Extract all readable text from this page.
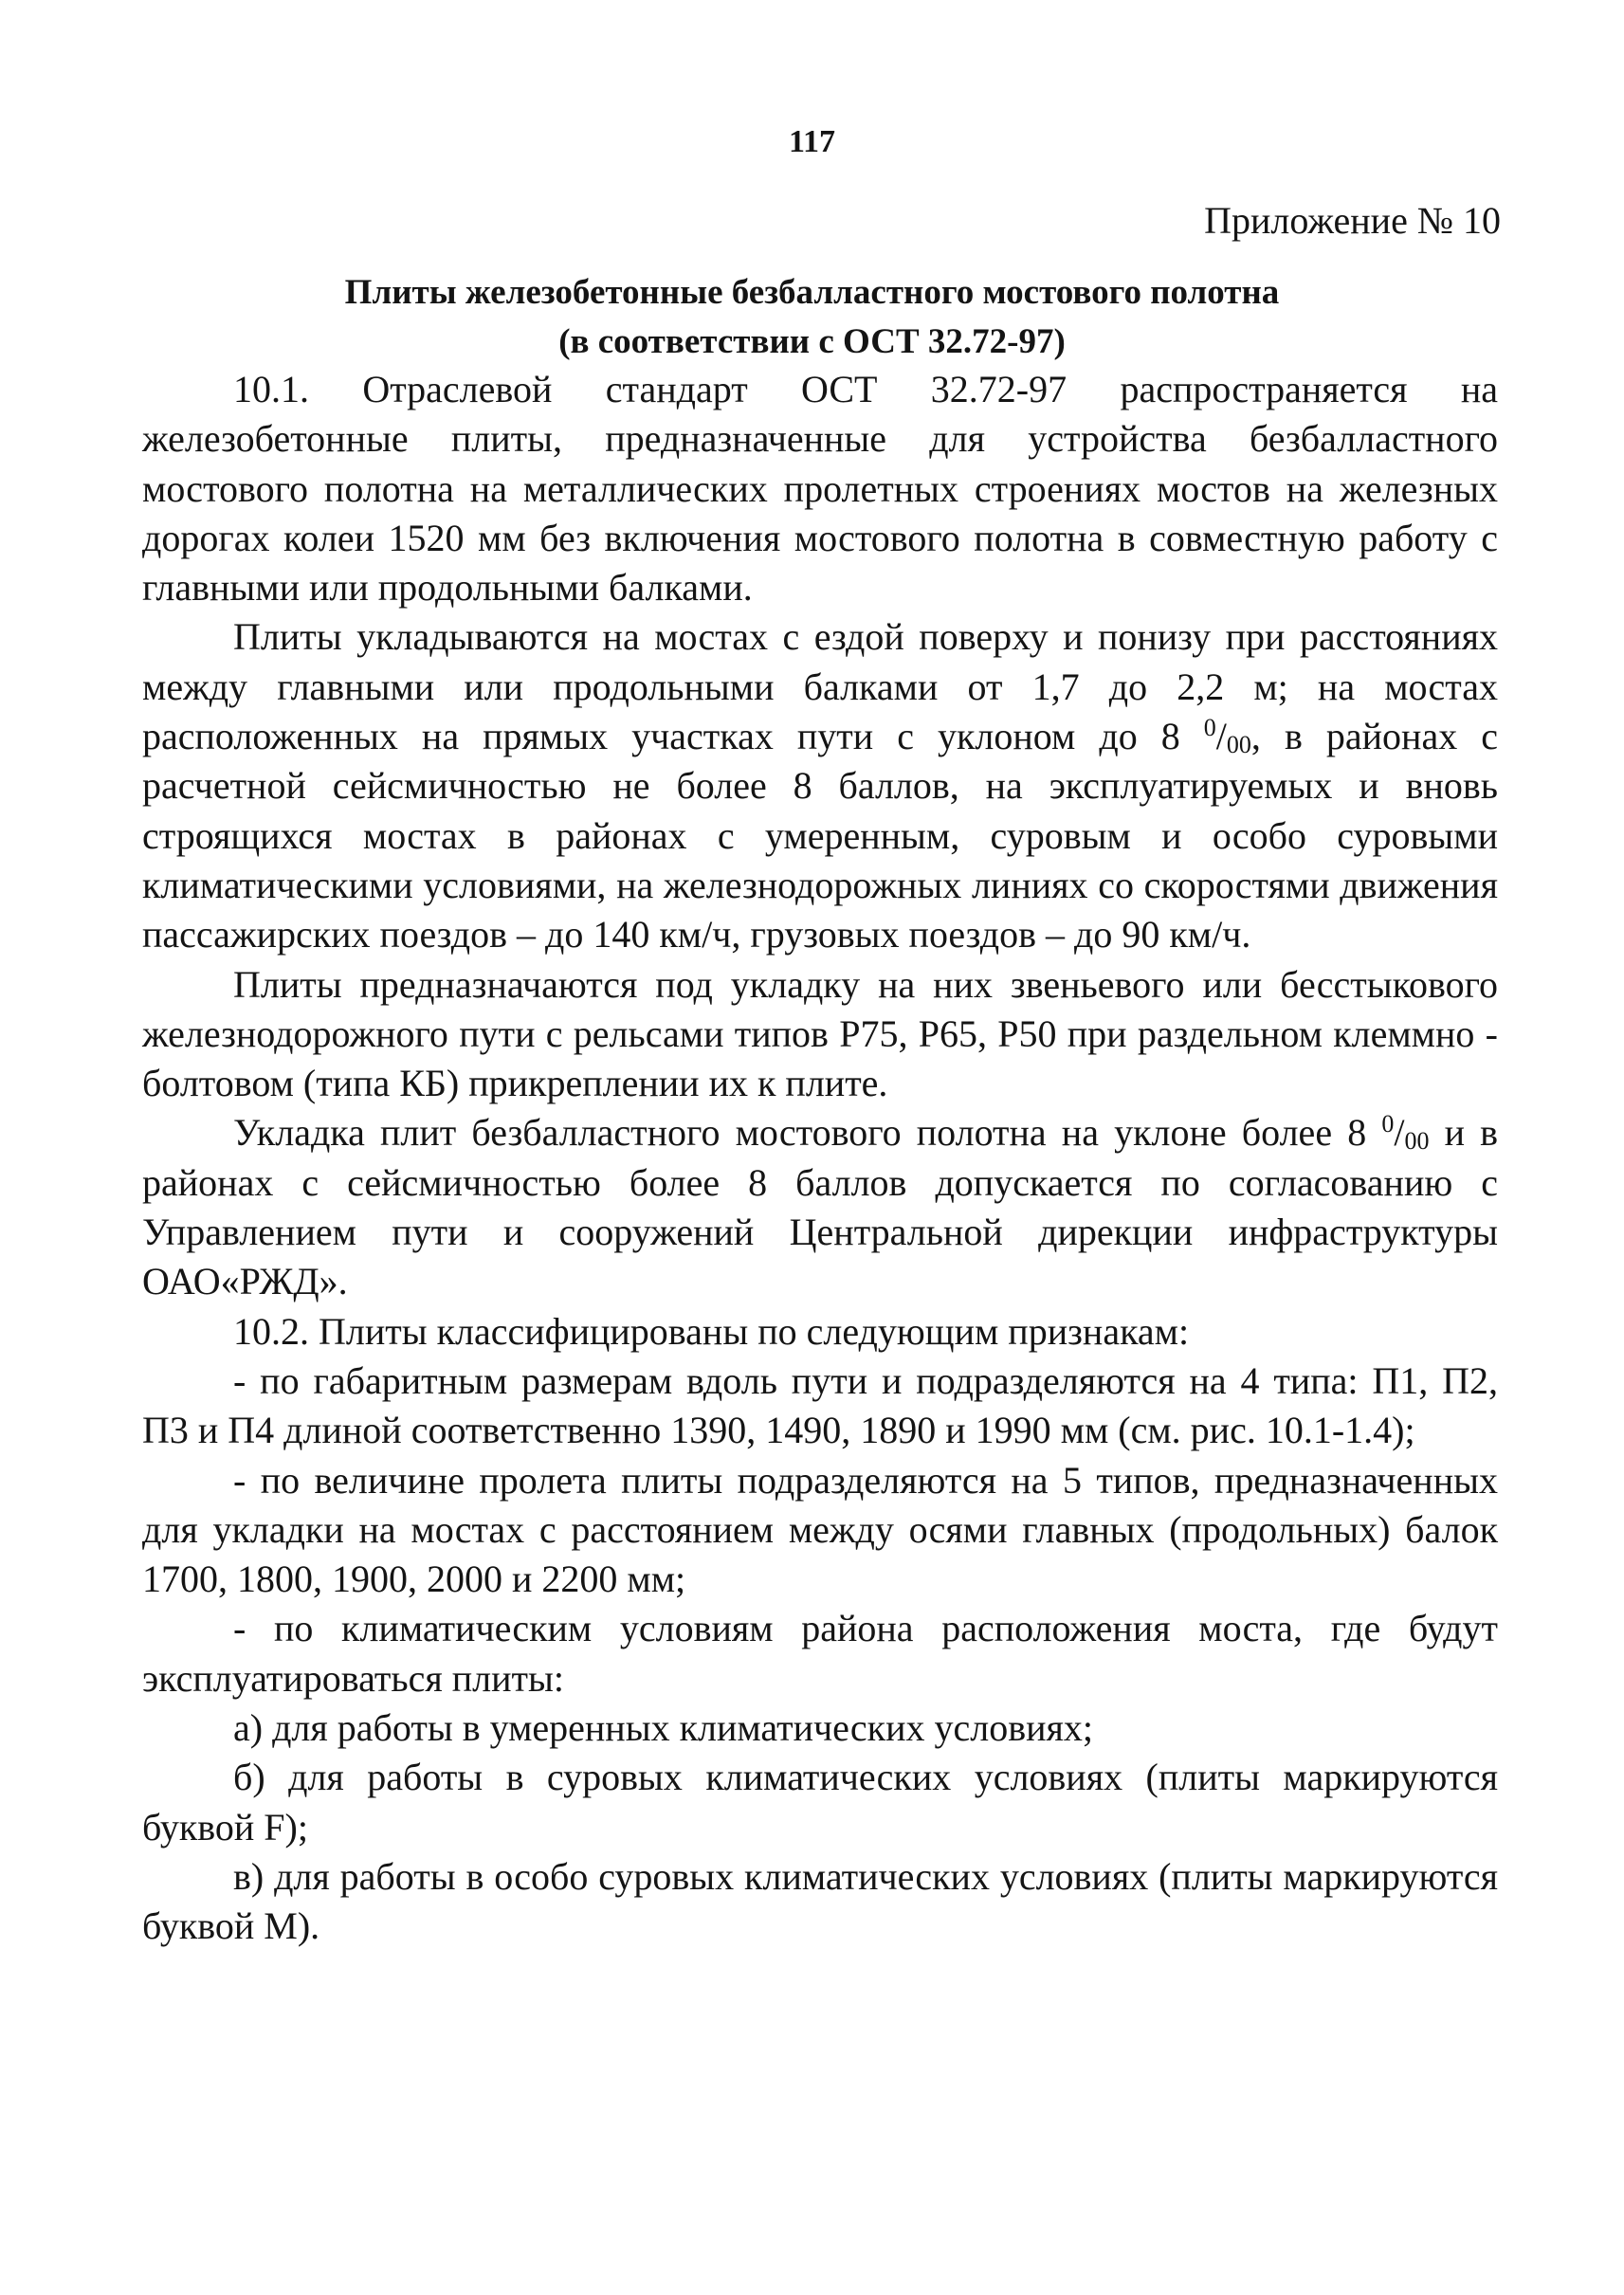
117
Приложение № 10
Плиты железобетонные безбалластного мостового полотна
(в соответствии с ОСТ 32.72-97)

10.1. Отраслевой стандарт ОСТ 32.72-97 распространяется на железобетонные плиты, предназначенные для устройства безбалластного мостового полотна на металлических пролетных строениях мостов на железных дорогах колеи 1520 мм без включения мостового полотна в совместную работу с главными или продольными балками.

Плиты укладываются на мостах с ездой поверху и понизу при расстояниях между главными или продольными балками от 1,7 до 2,2 м; на мостах расположенных на прямых участках пути с уклоном до 8 $^0/_{00}$, в районах с расчетной сейсмичностью не более 8 баллов, на эксплуатируемых и вновь строящихся мостах в районах с умеренным, суровым и особо суровыми климатическими условиями, на железнодорожных линиях со скоростями движения пассажирских поездов – до 140 км/ч, грузовых поездов – до 90 км/ч.

Плиты предназначаются под укладку на них звеньевого или бесстыкового железнодорожного пути с рельсами типов Р75, Р65, Р50 при раздельном клеммно - болтовом (типа КБ) прикреплении их к плите.

Укладка плит безбалластного мостового полотна на уклоне более 8 $^0/_{00}$ и в районах с сейсмичностью более 8 баллов допускается по согласованию с Управлением пути и сооружений Центральной дирекции инфраструктуры ОАО«РЖД».

10.2. Плиты классифицированы по следующим признакам:

- по габаритным размерам вдоль пути и подразделяются на 4 типа: П1, П2, П3 и П4 длиной соответственно 1390, 1490, 1890 и 1990 мм (см. рис. 10.1-1.4);

- по величине пролета плиты подразделяются на 5 типов, предназначенных для укладки на мостах с расстоянием между осями главных (продольных) балок 1700, 1800, 1900, 2000 и 2200 мм;

- по климатическим условиям района расположения моста, где будут эксплуатироваться плиты:

а) для работы в умеренных климатических условиях;

б) для работы в суровых климатических условиях (плиты маркируются буквой F);

в) для работы в особо суровых климатических условиях (плиты маркируются буквой М).
